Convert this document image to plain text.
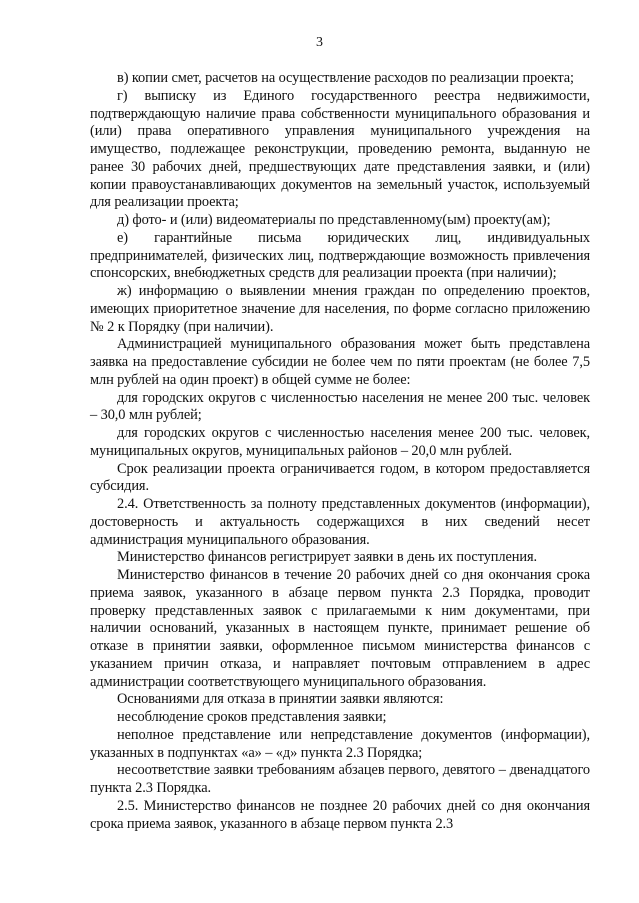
3

в) копии смет, расчетов на осуществление расходов по реализации проекта;

г) выписку из Единого государственного реестра недвижимости, подтверждающую наличие права собственности муниципального образования и (или) права оперативного управления муниципального учреждения на имущество, подлежащее реконструкции, проведению ремонта, выданную не ранее 30 рабочих дней, предшествующих дате представления заявки, и (или) копии правоустанавливающих документов на земельный участок, используемый для реализации проекта;

д) фото- и (или) видеоматериалы по представленному(ым) проекту(ам);

е) гарантийные письма юридических лиц, индивидуальных предпринимателей, физических лиц, подтверждающие возможность привлечения спонсорских, внебюджетных средств для реализации проекта (при наличии);

ж) информацию о выявлении мнения граждан по определению проектов, имеющих приоритетное значение для населения, по форме согласно приложению № 2 к Порядку (при наличии).

Администрацией муниципального образования может быть представлена заявка на предоставление субсидии не более чем по пяти проектам (не более 7,5 млн рублей на один проект) в общей сумме не более:

для городских округов с численностью населения не менее 200 тыс. человек – 30,0 млн рублей;

для городских округов с численностью населения менее 200 тыс. человек, муниципальных округов, муниципальных районов – 20,0 млн рублей.

Срок реализации проекта ограничивается годом, в котором предоставляется субсидия.

2.4. Ответственность за полноту представленных документов (информации), достоверность и актуальность содержащихся в них сведений несет администрация муниципального образования.

Министерство финансов регистрирует заявки в день их поступления.

Министерство финансов в течение 20 рабочих дней со дня окончания срока приема заявок, указанного в абзаце первом пункта 2.3 Порядка, проводит проверку представленных заявок с прилагаемыми к ним документами, при наличии оснований, указанных в настоящем пункте, принимает решение об отказе в принятии заявки, оформленное письмом министерства финансов с указанием причин отказа, и направляет почтовым отправлением в адрес администрации соответствующего муниципального образования.

Основаниями для отказа в принятии заявки являются:

несоблюдение сроков представления заявки;

неполное представление или непредставление документов (информации), указанных в подпунктах «а» – «д» пункта 2.3 Порядка;

несоответствие заявки требованиям абзацев первого, девятого – двенадцатого пункта 2.3 Порядка.

2.5. Министерство финансов не позднее 20 рабочих дней со дня окончания срока приема заявок, указанного в абзаце первом пункта 2.3
